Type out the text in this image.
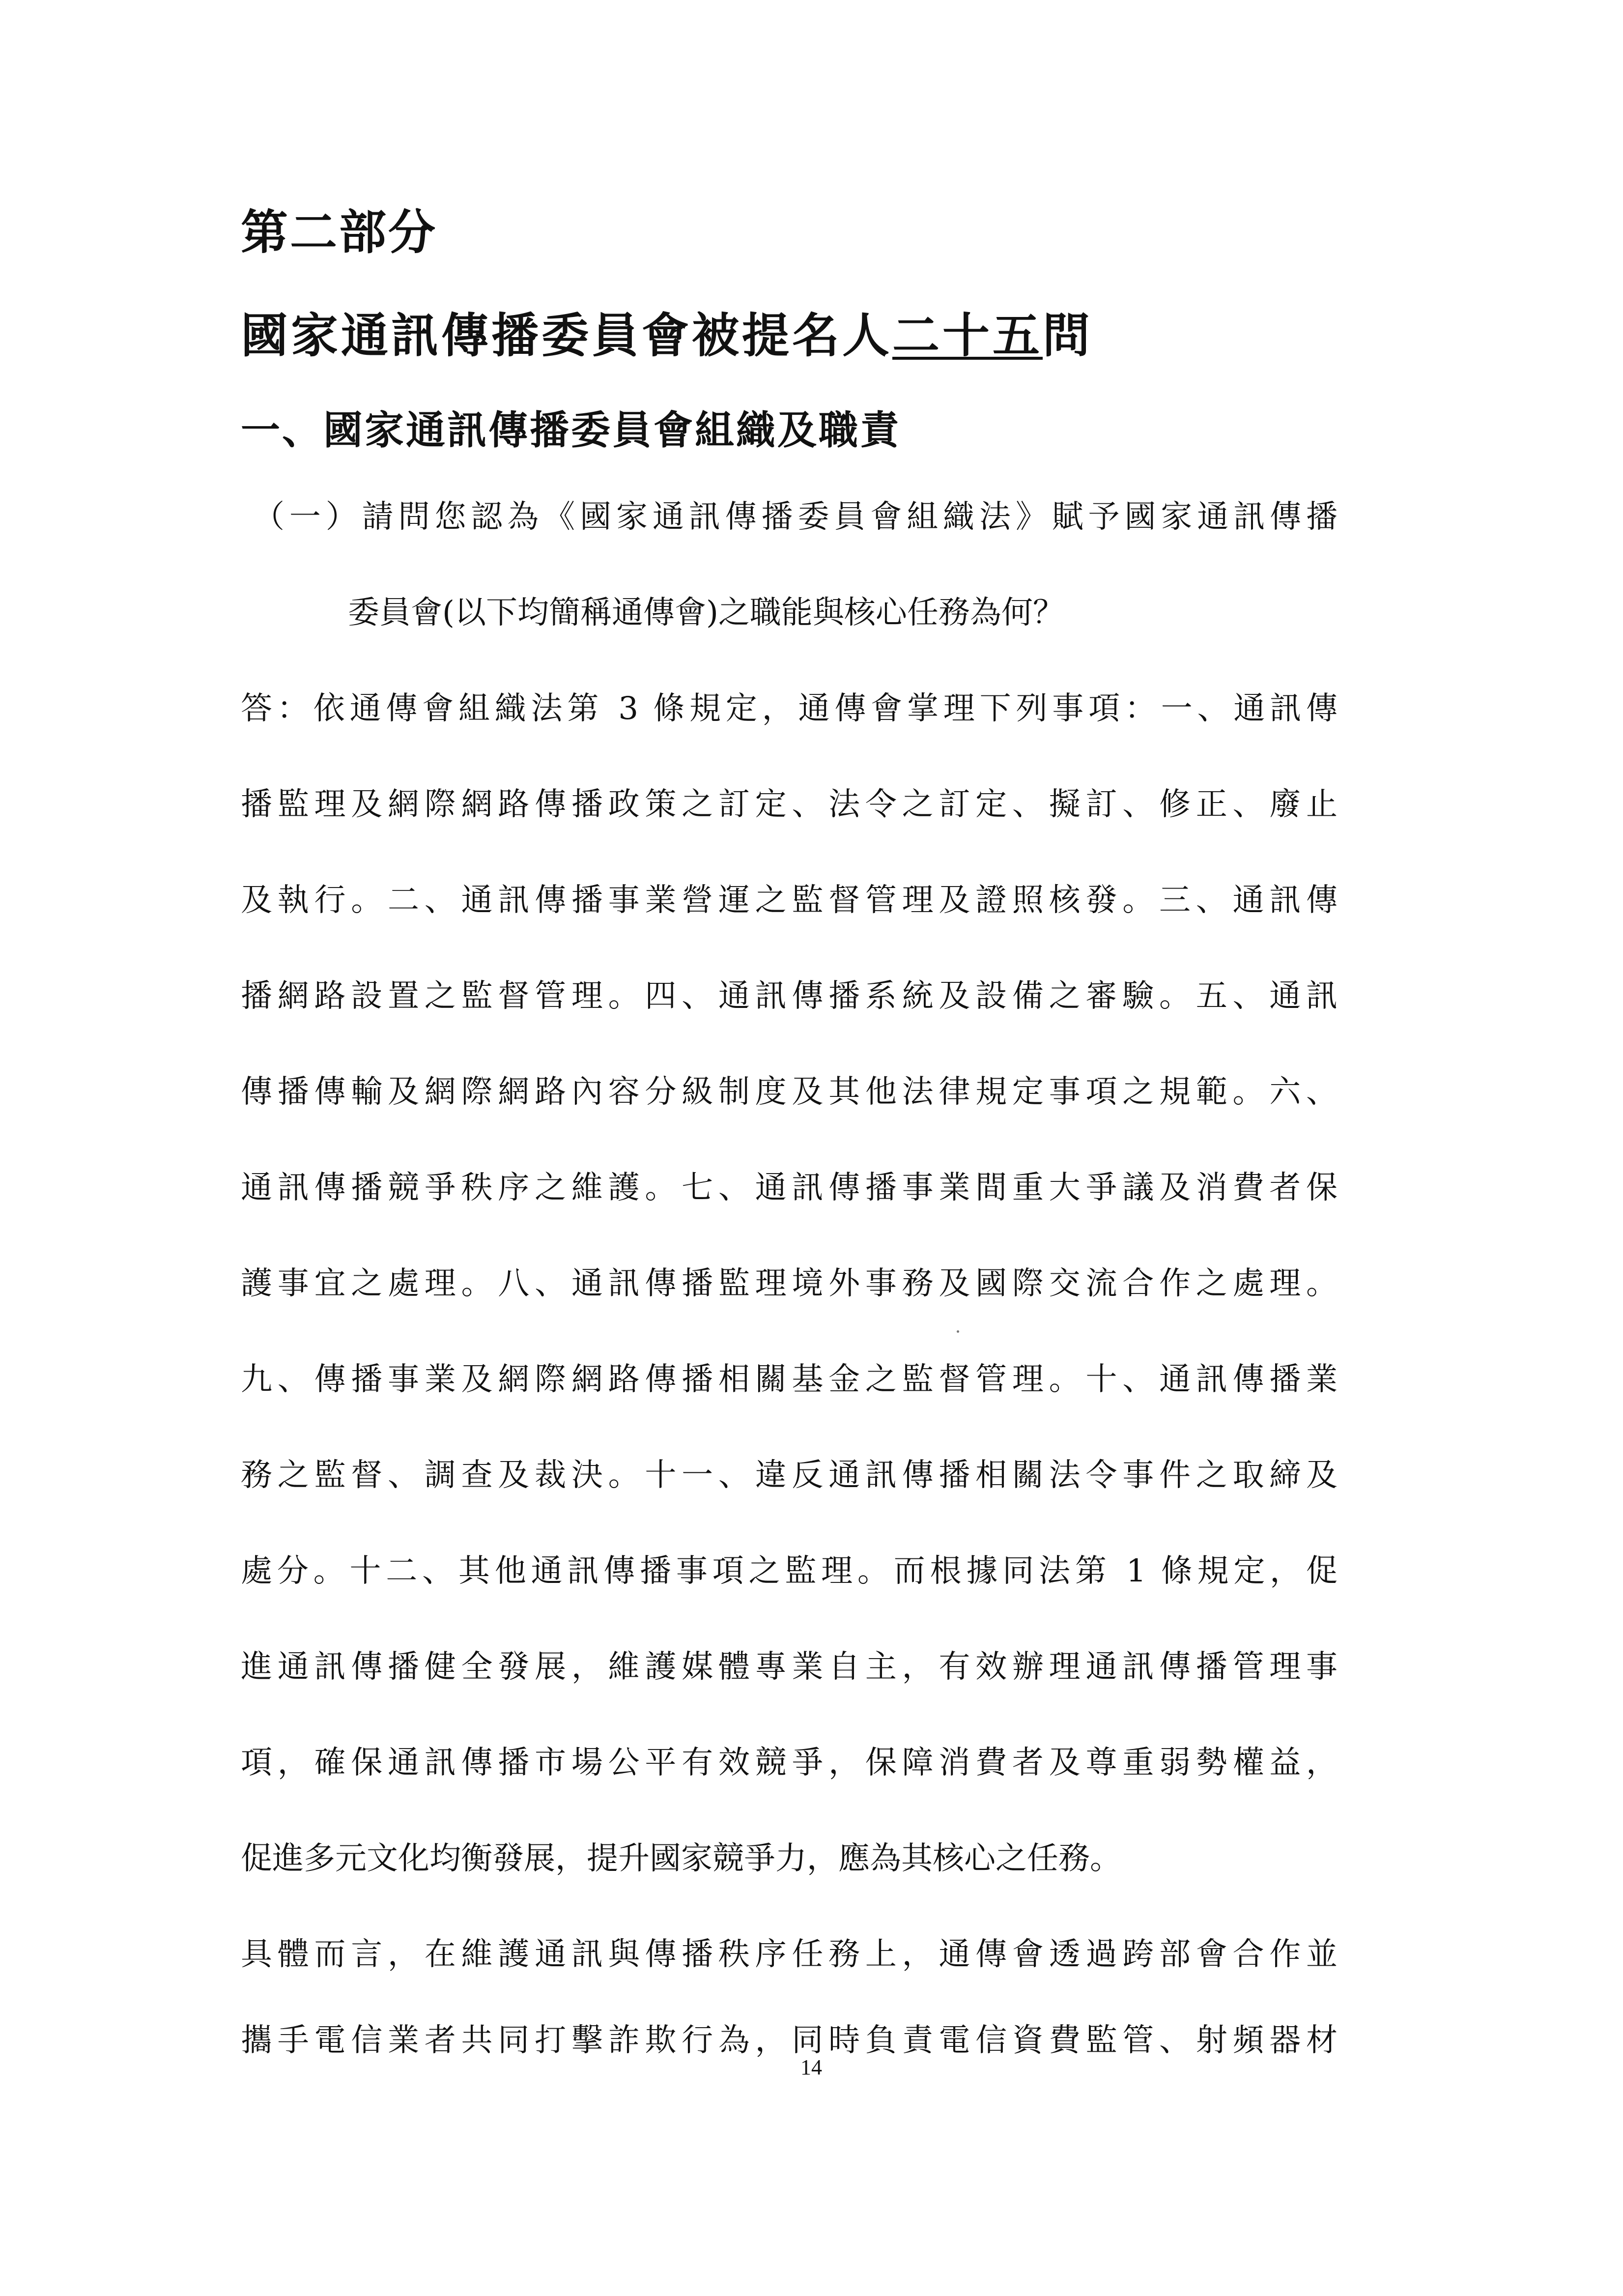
第二部分
國家通訊傳播委員會被提名人二十五問
一、國家通訊傳播委員會組織及職責

（一）請問您認為《國家通訊傳播委員會組織法》賦予國家通訊傳播

委員會(以下均簡稱通傳會)之職能與核心任務為何？

答：依通傳會組織法第 3 條規定，通傳會掌理下列事項：一、通訊傳

播監理及網際網路傳播政策之訂定、法令之訂定、擬訂、修正、廢止

及執行。二、通訊傳播事業營運之監督管理及證照核發。三、通訊傳

播網路設置之監督管理。四、通訊傳播系統及設備之審驗。五、通訊

傳播傳輸及網際網路內容分級制度及其他法律規定事項之規範。六、

通訊傳播競爭秩序之維護。七、通訊傳播事業間重大爭議及消費者保

護事宜之處理。八、通訊傳播監理境外事務及國際交流合作之處理。

九、傳播事業及網際網路傳播相關基金之監督管理。十、通訊傳播業

務之監督、調查及裁決。十一、違反通訊傳播相關法令事件之取締及

處分。十二、其他通訊傳播事項之監理。而根據同法第 1 條規定，促

進通訊傳播健全發展，維護媒體專業自主，有效辦理通訊傳播管理事

項，確保通訊傳播市場公平有效競爭，保障消費者及尊重弱勢權益，

促進多元文化均衡發展，提升國家競爭力，應為其核心之任務。

具體而言，在維護通訊與傳播秩序任務上，通傳會透過跨部會合作並

攜手電信業者共同打擊詐欺行為，同時負責電信資費監管、射頻器材

14
